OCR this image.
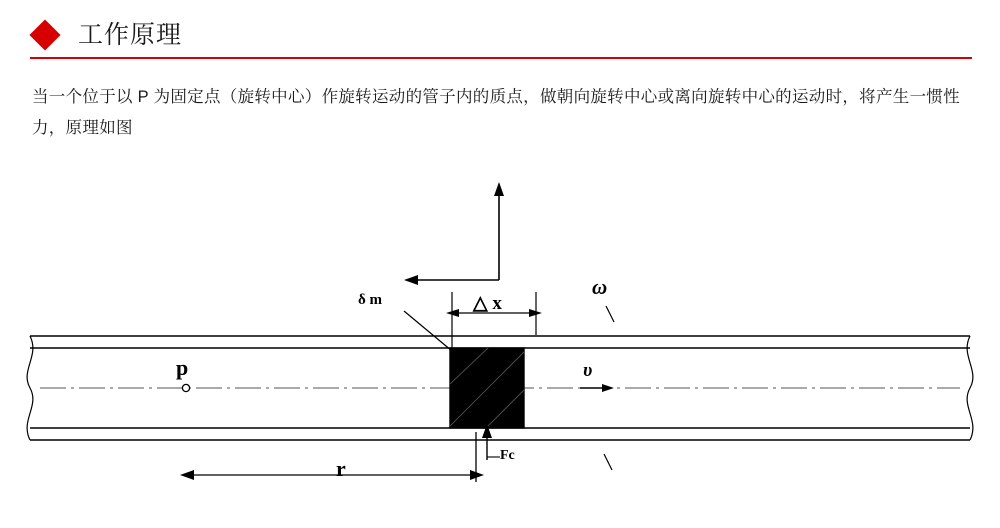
工作原理
当一个位于以 P 为固定点（旋转中心）作旋转运动的管子内的质点，做朝向旋转中心或离向旋转中心的运动时，将产生一惯性力，原理如图
ω
δ m	△ x
p	υ
Fc
r
